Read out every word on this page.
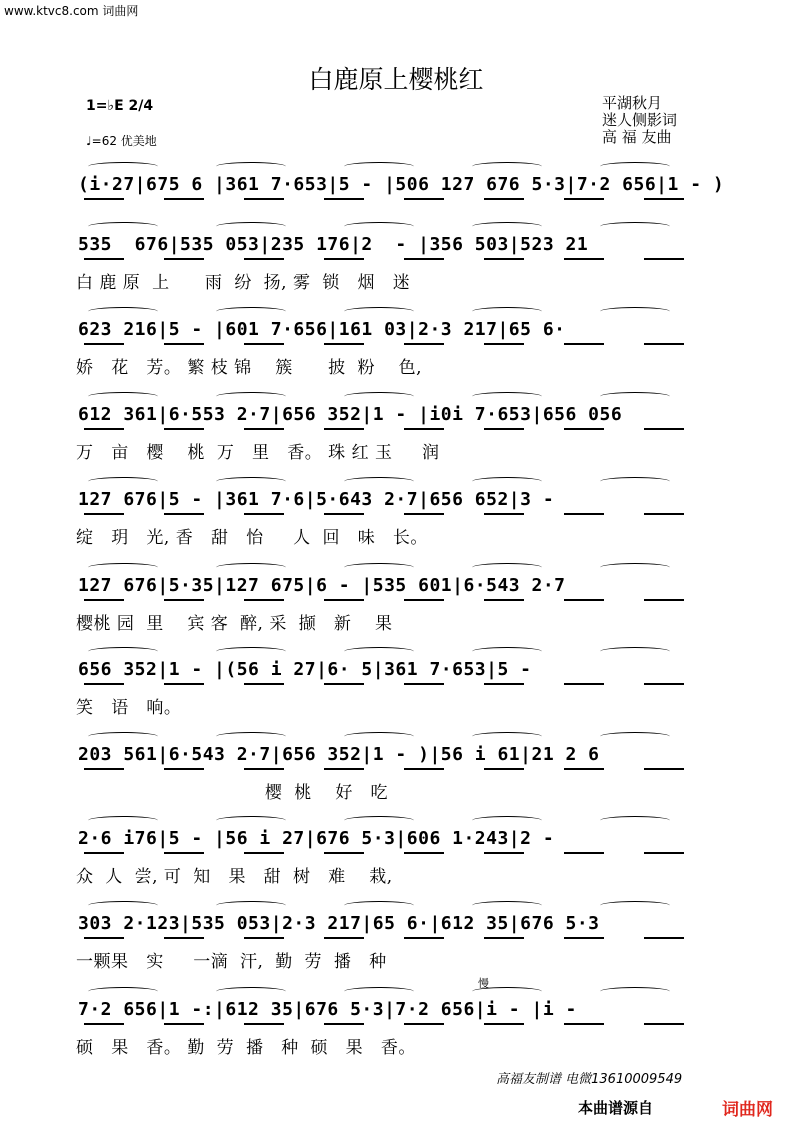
www.ktvc8.com 词曲网
白鹿原上樱桃红
1=♭E 2/4
♩=62 优美地
平湖秋月
迷人侧影词
高 福 友曲
(i·27|675 6 |361 7·653|5 - |506 127 676 5·3|7·2 656|1 - )
535  676|535 053|235 176|2  - |356 503|523 21
白 鹿 原  上      雨  纷  扬, 雾  锁   烟   迷
623 216|5 - |601 7·656|161 03|2·3 217|65 6·
娇   花   芳。 繁 枝 锦    簇      披  粉    色,
612 361|6·553 2·7|656 352|1 - |i0i 7·653|656 056
万   亩   樱    桃  万   里   香。 珠 红 玉     润
127 676|5 - |361 7·6|5·643 2·7|656 652|3 -
绽   玥   光, 香   甜   怡     人  回   味   长。
127 676|5·35|127 675|6 - |535 601|6·543 2·7
樱桃 园  里    宾 客  醉, 采  撷   新    果
656 352|1 - |(56 i 27|6· 5|361 7·653|5 -
笑   语   响。
203 561|6·543 2·7|656 352|1 - )|56 i 61|21 2 6
樱  桃    好   吃
2·6 i76|5 - |56 i 27|676 5·3|606 1·243|2 -
众  人  尝, 可  知   果   甜  树   难    栽,
303 2·123|535 053|2·3 217|65 6·|612 35|676 5·3
一颗果   实     一滴  汗,  勤  劳  播   种
7·2 656|1 -:|612 35|676 5·3|7·2 656|i - |i -
硕   果   香。 勤  劳  播   种  硕   果   香。
慢
高福友制谱 电微13610009549
本曲谱源自	词曲网
